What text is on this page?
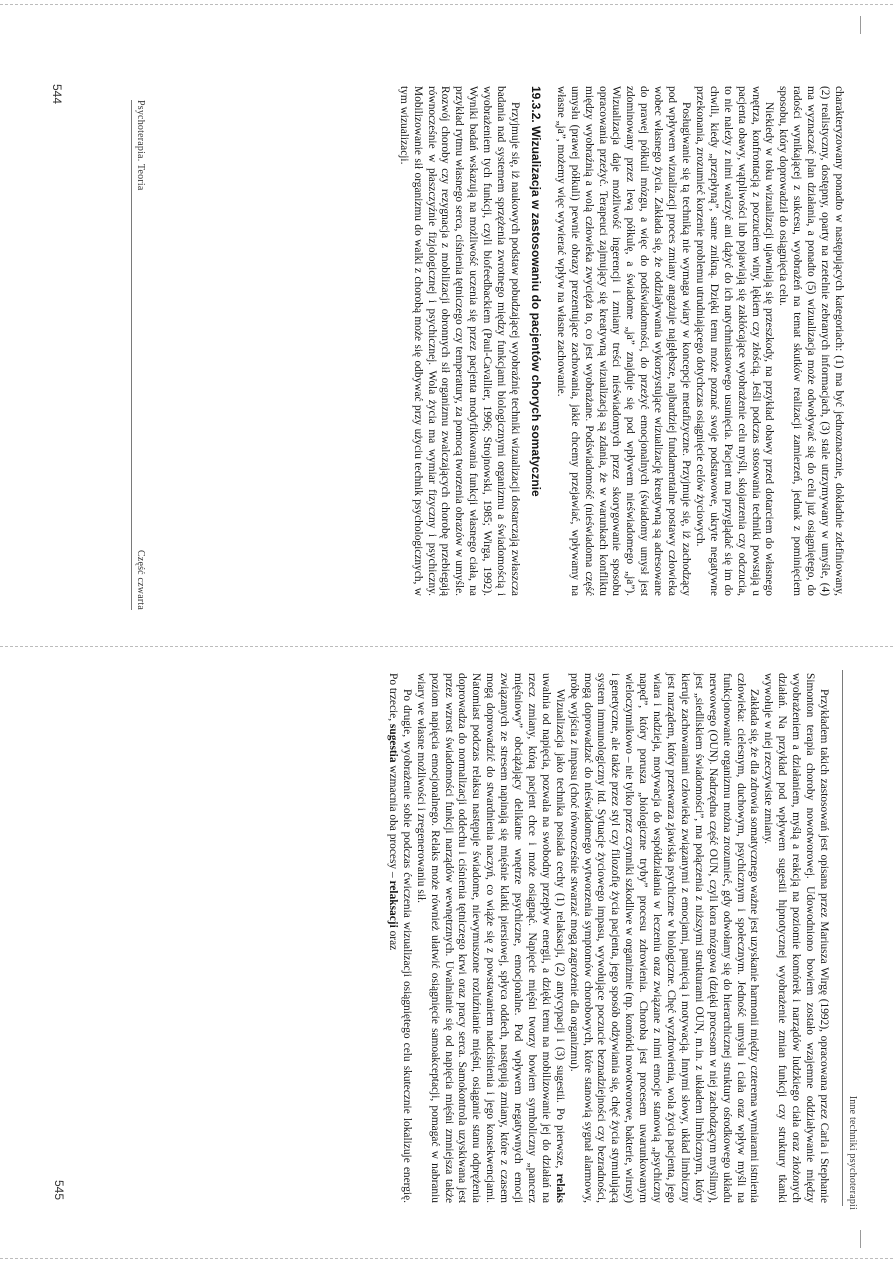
Psychoterapia. Teoria
Część czwarta	charakteryzowany ponadto w następujących kategoriach: (1) ma być jednoznacznie, dokładnie zdefiniowany, (2) realistyczny, dostępny, oparty na rzetelnie zebranych informacjach, (3) stale utrzymywany w umyśle, (4) ma wyznaczać plan działania, a ponadto (5) wizualizacja może odwoływać się do celu już osiągniętego, do radości wynikającej z sukcesu, wyobrażeń na temat skutków realizacji zamierzeń, jednak z pominięciem sposobu, który doprowadził do osiągnięcia celu.

Niekiedy w toku wizualizacji ujawniają się przeszkody, na przykład obawy przed dotarciem do własnego wnętrza, konfrontacją z poczuciem winy, lękiem czy złością. Jeśli podczas stosowania techniki powstają u pacjenta obawy, wątpliwości lub pojawiają się zakłócające wyobrażenie celu myśli, skojarzenia czy odczucia, to nie należy z nimi walczyć ani dążyć do ich natychmiastowego usunięcia. Pacjent ma przyglądać się im do chwili, kiedy „przepłyną”, same znikną. Dzięki temu może poznać swoje podstawowe, ukryte negatywne przekonania, zrozumieć korzenie problemu utrudniającego dotychczas osiągnięcie celów życiowych.

Posługiwanie się tą techniką nie wymaga wiary w koncepcje metafizyczne. Przyjmuje się, iż zachodzący pod wpływem wizualizacji proces zmiany angażuje najgłębsze, najbardziej fundamentalne postawy człowieka wobec własnego życia. Zakłada się, że oddziaływania wykorzystujące wizualizację kreatywną są adresowane do prawej półkuli mózgu, a więc do podświadomości, do przeżyć emocjonalnych (świadomy umysł jest zdominowany przez lewą półkulę, a świadome „ja” znajduje się pod wpływem nieświadomego „ja”). Wizualizacja daje możliwość ingerencji i zmiany treści nieświadomych przez skorygowanie sposobu opracowania przeżyć. Terapeuci zajmujący się kreatywną wizualizacją są zdania, że w warunkach konfliktu między wyobraźnią a wolą człowieka zwycięża to, co jest wyobrażane. Podświadomość (nieświadoma część umysłu (prawej półkuli) pewnie obrazy prezentujące zachowania, jakie chcemy przejawiać, wpływamy na własne „ja”, możemy więc wywierać wpływ na własne zachowanie.

19.3.2. Wizualizacja w zastosowaniu do pacjentów chorych somatycznie

Przyjmuje się, iż naukowych podstaw pobudzającej wyobraźnię techniki wizualizacji dostarczają zwłaszcza badania nad systemem sprzężenia zwrotnego między funkcjami biologicznymi organizmu a świadomością i wyobrażeniem tych funkcji, czyli biofeedbackiem (Paul-Cavallier, 1996; Strojnowski, 1985; Wirga, 1992). Wyniki badań wskazują na możliwość uczenia się przez pacjenta modyfikowania funkcji własnego ciała, na przykład rytmu własnego serca, ciśnienia tętniczego czy temperatury, za pomocą tworzenia obrazów w umyśle. Rozwój choroby czy rezygnacja z mobilizacji obronnych sił organizmu zwalczających chorobę przebiegają równocześnie w płaszczyźnie fizjologicznej i psychicznej. Wola życia ma wymiar fizyczny i psychiczny. Mobilizowanie sił organizmu do walki z chorobą może się odbywać przy użyciu technik psychologicznych, w tym wizualizacji.

544
Inne techniki psychoterapii

Przykładem takich zastosowań jest opisana przez Mariusza Wirgę (1992), opracowana przez Carla i Stephanie Simonton terapia choroby nowotworowej. Udowodniono bowiem zostało wzajemne oddziaływanie między wyobrażeniem a działaniem, myślą a reakcją na poziomie komórek i narządów ludzkiego ciała oraz złożonych działań. Na przykład pod wpływem sugestii hipnotycznej wyobrażenie zmian funkcji czy struktury tkanki wywołuje w niej rzeczywiste zmiany.

Zakłada się, że dla zdrowia somatycznego ważne jest uzyskanie harmonii między czterema wymiarami istnienia człowieka: cielesnym, duchowym, psychicznym i społecznym. Jedność umysłu i ciała oraz wpływ myśli na funkcjonowanie organizmu można zrozumieć, gdy odwołamy się do hierarchicznej struktury ośrodkowego układu nerwowego (OUN). Nadrzędna część OUN, czyli kora mózgowa (dzięki procesom w niej zachodzącym myślimy), jest „siedliskiem świadomości”, ma połączenia z niższymi strukturami OUN, m.in. z układem limbicznym, który kieruje zachowaniami człowieka związanymi z emocjami, pamięcią i motywacją. Innymi słowy, układ limbiczny jest narządem, który przetwarza zjawiska psychiczne w biologiczne. Chęć wyzdrowienia, wola życia pacjenta, jego wiara i nadzieja, motywacja do współdziałania w leczeniu oraz związane z nimi emocje stanowią „psychiczny napęd”, który porusza „biologiczne tryby” procesu zdrowienia. Choroba jest procesem uwarunkowanym wieloczynnikowo – nie tylko przez czynniki szkodliwe w organizmie (np. komórki nowotworowe, bakterie, wirusy) i genetyczne, ale także przez styl czy filozofię życia pacjenta, jego sposób odżywiania się, chęć życia stymulującą system immunologiczny itd. Sytuacje życiowego impasu, wywołujące poczucie beznadziejności czy bezradności, mogą doprowadzać do nieświadomego wytworzenia symptomów chorobowych, które stanowią sygnał alarmowy, próbę wyjścia z impasu (choć równocześnie stwarzać mogą zagrożenie dla organizmu).

Wizualizacja jako technika posiada cechy (1) relaksacji, (2) antycypacji i (3) sugestii. Po pierwsze, relaks uwalnia od napięcia, pozwala na swobodny przepływ energii, a dzięki temu na mobilizowanie jej do działań na rzecz zmiany, którą pacjent chce i może osiągnąć. Napięcie mięśni tworzy bowiem symboliczny „pancerz mięśniowy” obciążający delikatne wnętrze psychiczne, emocjonalne. Pod wpływem negatywnych emocji związanych ze stresem napinają się mięśnie klatki piersiowej, spłyca oddech, następują zmiany, które z czasem mogą doprowadzić do stwardnienia naczyń, co wiąże się z powstawaniem nadciśnienia i jego konsekwencjami. Natomiast podczas relaksu następuje świadome, niewymuszone rozluźnianie mięśni, osiąganie stanu odprężenia doprowadza do normalizacji oddechu i ciśnienia tętniczego krwi oraz pracy serca. Samokontrola uzyskiwana jest przez wzrost świadomości funkcji narządów wewnętrznych. Uwalnianie się od napięcia mięśni zmniejsza także poziom napięcia emocjonalnego. Relaks może również ułatwić osiągnięcie samoakceptacji, pomagać w nabraniu wiary we własne możliwości i zregenerowaniu sił.

Po drugie, wyobrażenie sobie podczas ćwiczenia wizualizacji osiągniętego celu skutecznie lokalizuje energię. Po trzecie, sugestia wzmacnia oba procesy – relaksacji oraz

545
